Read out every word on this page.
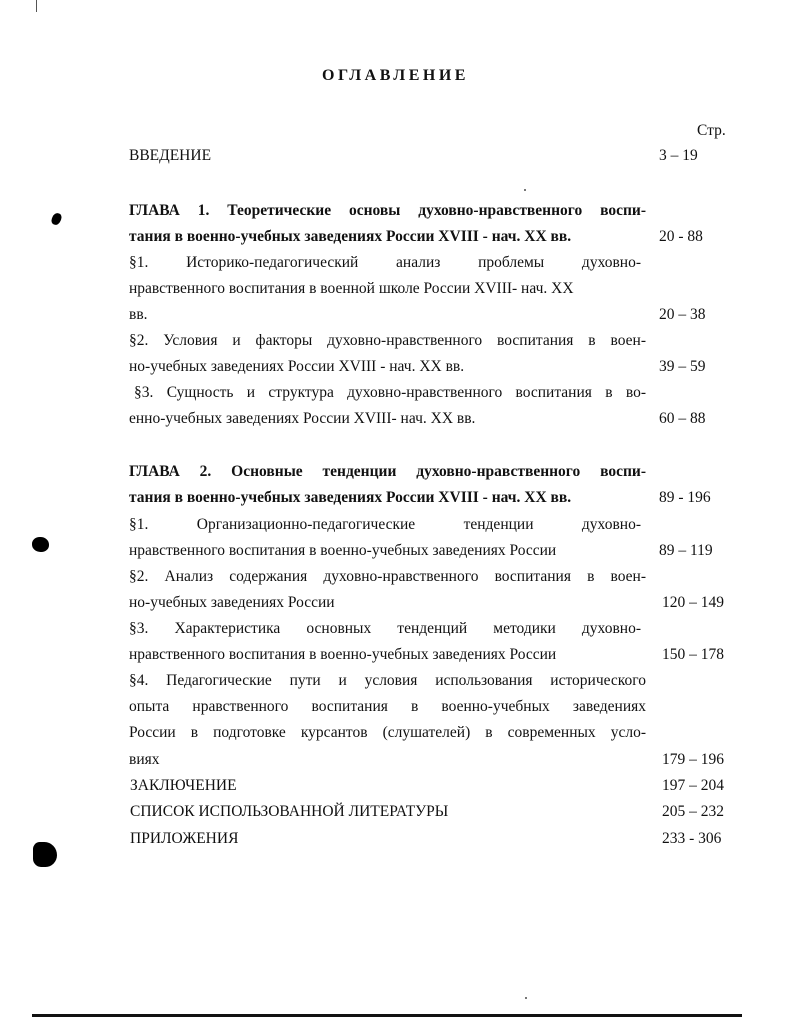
ОГЛАВЛЕНИЕ
Стр.
ВВЕДЕНИЕ	3 – 19
ГЛАВА 1. Теоретические основы духовно-нравственного воспи-
тания в военно-учебных заведениях России XVIII - нач. XX вв.	20 - 88
§1. Историко-педагогический анализ проблемы духовно-
нравственного воспитания в военной школе России XVIII- нач. XX
вв.	20 – 38
§2. Условия и факторы духовно-нравственного воспитания в воен-
но-учебных заведениях России XVIII - нач. XX вв.	39 – 59
§3. Сущность и структура духовно-нравственного воспитания в во-
енно-учебных заведениях России XVIII- нач. XX вв.	60 – 88
ГЛАВА 2. Основные тенденции духовно-нравственного воспи-
тания в военно-учебных заведениях России XVIII - нач. XX вв.	89 - 196
§1. Организационно-педагогические тенденции духовно-
нравственного воспитания в военно-учебных заведениях России	89 – 119
§2. Анализ содержания духовно-нравственного воспитания в воен-
но-учебных заведениях России	120 – 149
§3. Характеристика основных тенденций методики духовно-
нравственного воспитания в военно-учебных заведениях России	150 – 178
§4. Педагогические пути и условия использования исторического
опыта нравственного воспитания в военно-учебных заведениях
России в подготовке курсантов (слушателей) в современных усло-
виях	179 – 196
ЗАКЛЮЧЕНИЕ	197 – 204
СПИСОК ИСПОЛЬЗОВАННОЙ ЛИТЕРАТУРЫ	205 – 232
ПРИЛОЖЕНИЯ	233 - 306
